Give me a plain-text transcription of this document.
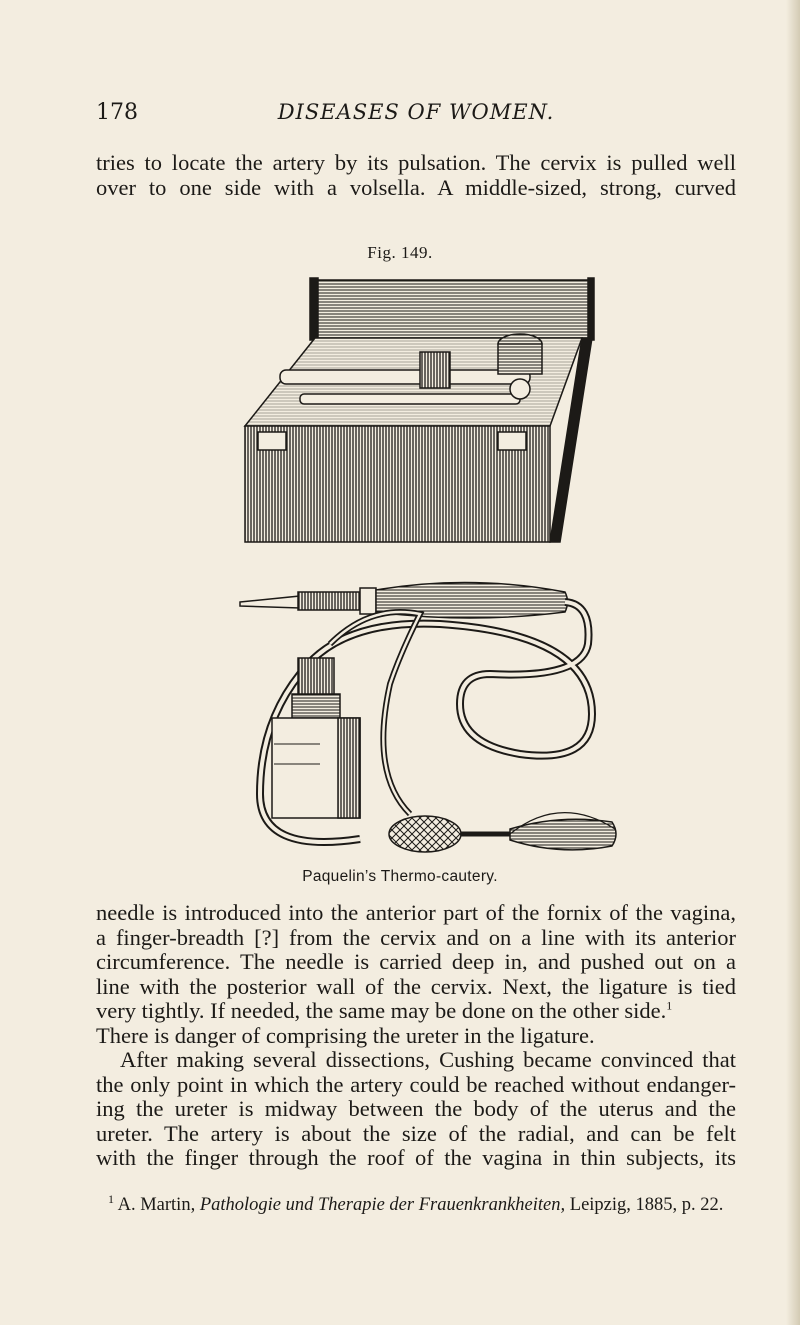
178	DISEASES OF WOMEN.
tries to locate the artery by its pulsation. The cervix is pulled well
over to one side with a volsella. A middle-sized, strong, curved
Fig. 149.
Paquelin’s Thermo-cautery.
needle is introduced into the anterior part of the fornix of the vagina,
a finger-breadth [?] from the cervix and on a line with its anterior
circumference. The needle is carried deep in, and pushed out on a
line with the posterior wall of the cervix. Next, the ligature is tied
very tightly. If needed, the same may be done on the other side.$^1$
There is danger of comprising the ureter in the ligature.
After making several dissections, Cushing became convinced that
the only point in which the artery could be reached without endanger-
ing the ureter is midway between the body of the uterus and the
ureter. The artery is about the size of the radial, and can be felt
with the finger through the roof of the vagina in thin subjects, its
$^1$ A. Martin, Pathologie und Therapie der Frauenkrankheiten, Leipzig, 1885, p. 22.
